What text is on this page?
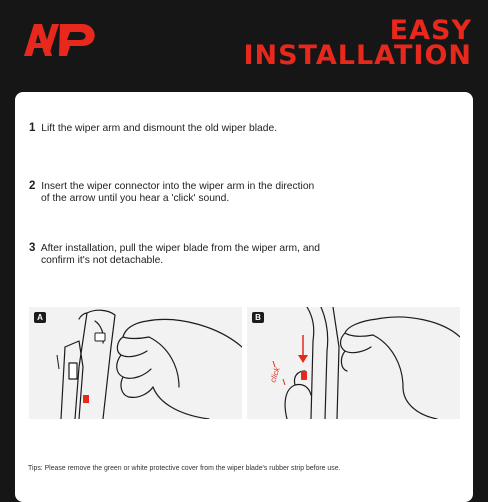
EASY
INSTALLATION
1 Lift the wiper arm and dismount the old wiper blade.
2 Insert the wiper connector into the wiper arm in the direction
of the arrow until you hear a 'click' sound.
3 After installation, pull the wiper blade from the wiper arm, and
confirm it's not detachable.
A	B
click
Tips: Please remove the green or white protective cover from the wiper blade's rubber strip before use.
